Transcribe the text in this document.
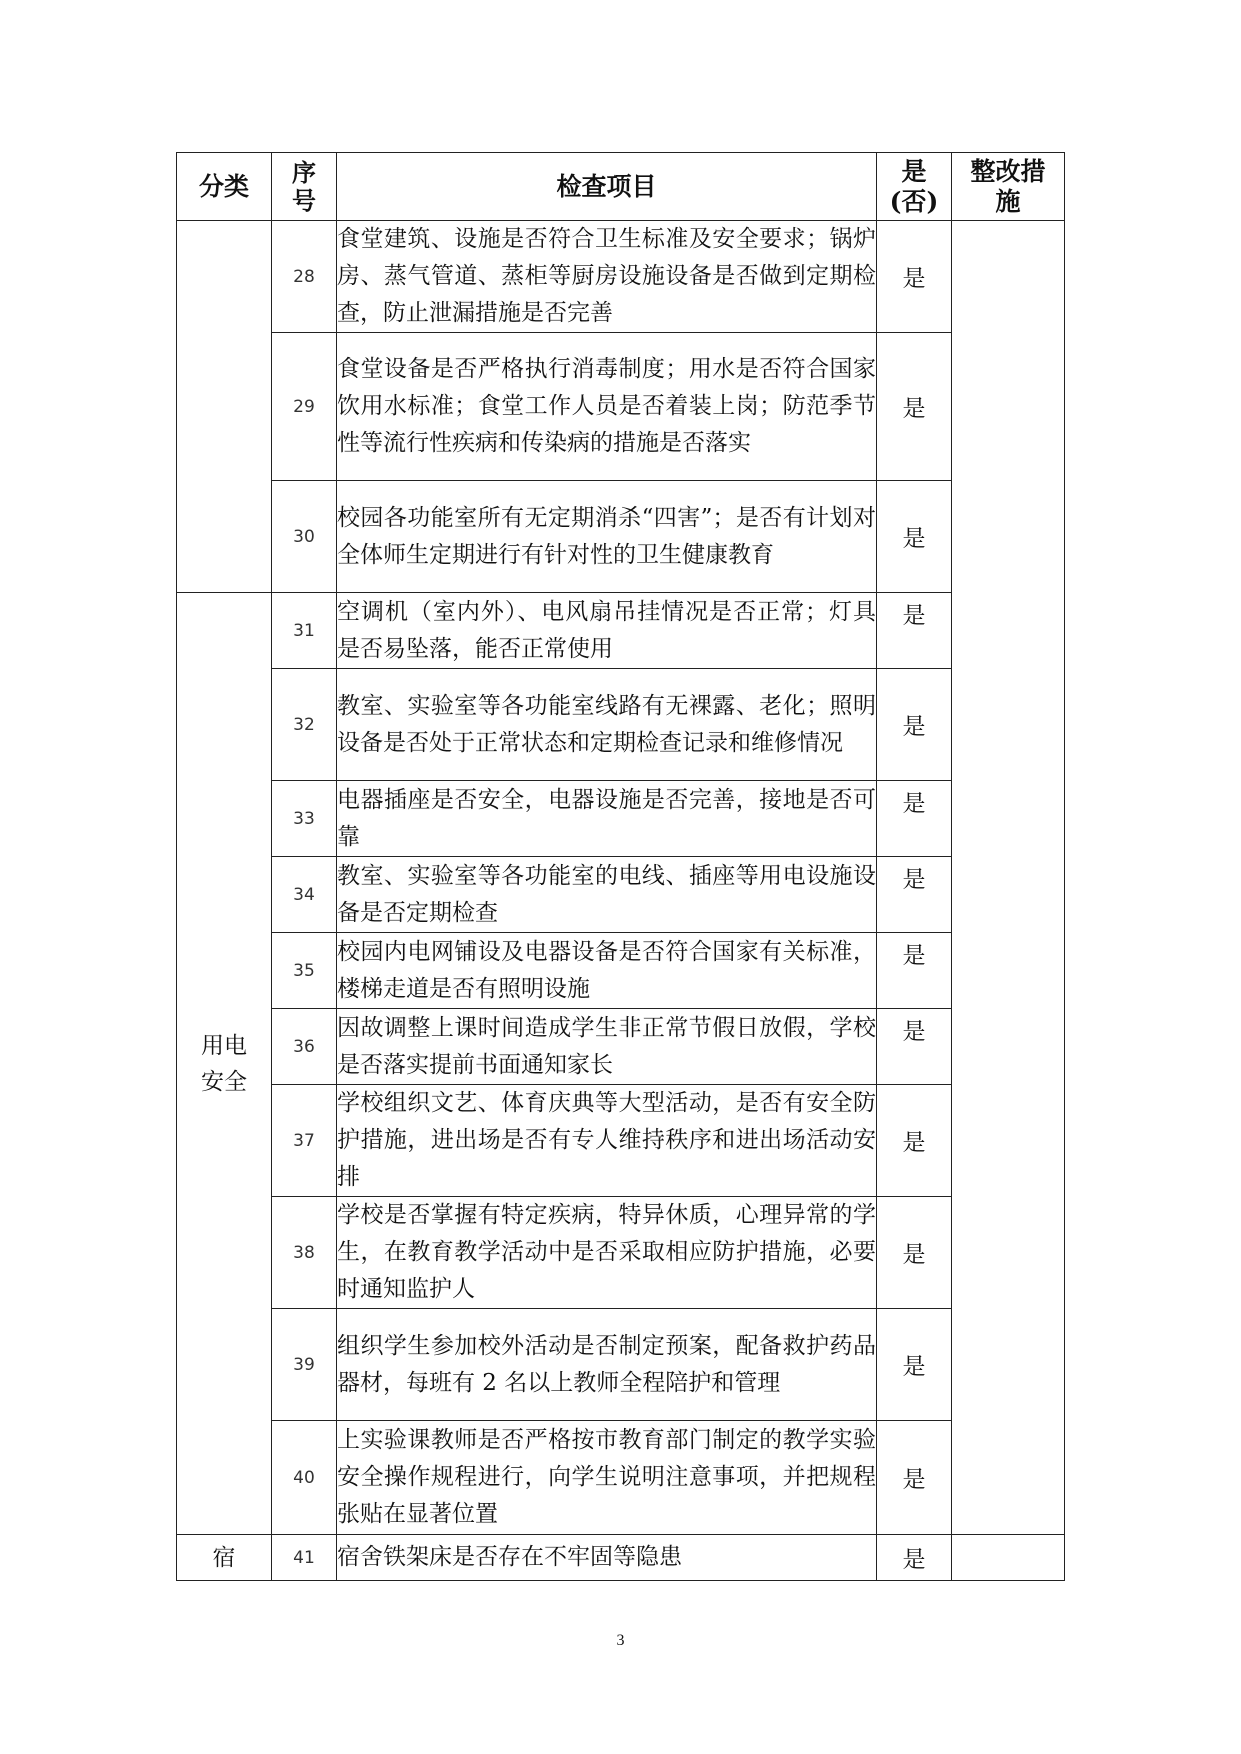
分类	序号	检查项目	是(否)	整改措施
	28	食堂建筑、设施是否符合卫生标准及安全要求；锅炉房、蒸气管道、蒸柜等厨房设施设备是否做到定期检查，防止泄漏措施是否完善	是	
	29	食堂设备是否严格执行消毒制度；用水是否符合国家饮用水标准；食堂工作人员是否着装上岗；防范季节性等流行性疾病和传染病的措施是否落实	是	
	30	校园各功能室所有无定期消杀“四害”；是否有计划对全体师生定期进行有针对性的卫生健康教育	是	

用电安全	31	空调机（室内外）、电风扇吊挂情况是否正常；灯具是否易坠落，能否正常使用	是	
	32	教室、实验室等各功能室线路有无裸露、老化；照明设备是否处于正常状态和定期检查记录和维修情况	是	
	33	电器插座是否安全，电器设施是否完善，接地是否可靠	是	
	34	教室、实验室等各功能室的电线、插座等用电设施设备是否定期检查	是	
	35	校园内电网铺设及电器设备是否符合国家有关标准，楼梯走道是否有照明设施	是	
	36	因故调整上课时间造成学生非正常节假日放假，学校是否落实提前书面通知家长	是	
	37	学校组织文艺、体育庆典等大型活动，是否有安全防护措施，进出场是否有专人维持秩序和进出场活动安排	是	
	38	学校是否掌握有特定疾病，特异休质，心理异常的学生，在教育教学活动中是否采取相应防护措施，必要时通知监护人	是	
	39	组织学生参加校外活动是否制定预案，配备救护药品器材，每班有 2 名以上教师全程陪护和管理	是	
	40	上实验课教师是否严格按市教育部门制定的教学实验安全操作规程进行，向学生说明注意事项，并把规程张贴在显著位置	是	
宿	41	宿舍铁架床是否存在不牢固等隐患	是	
3
